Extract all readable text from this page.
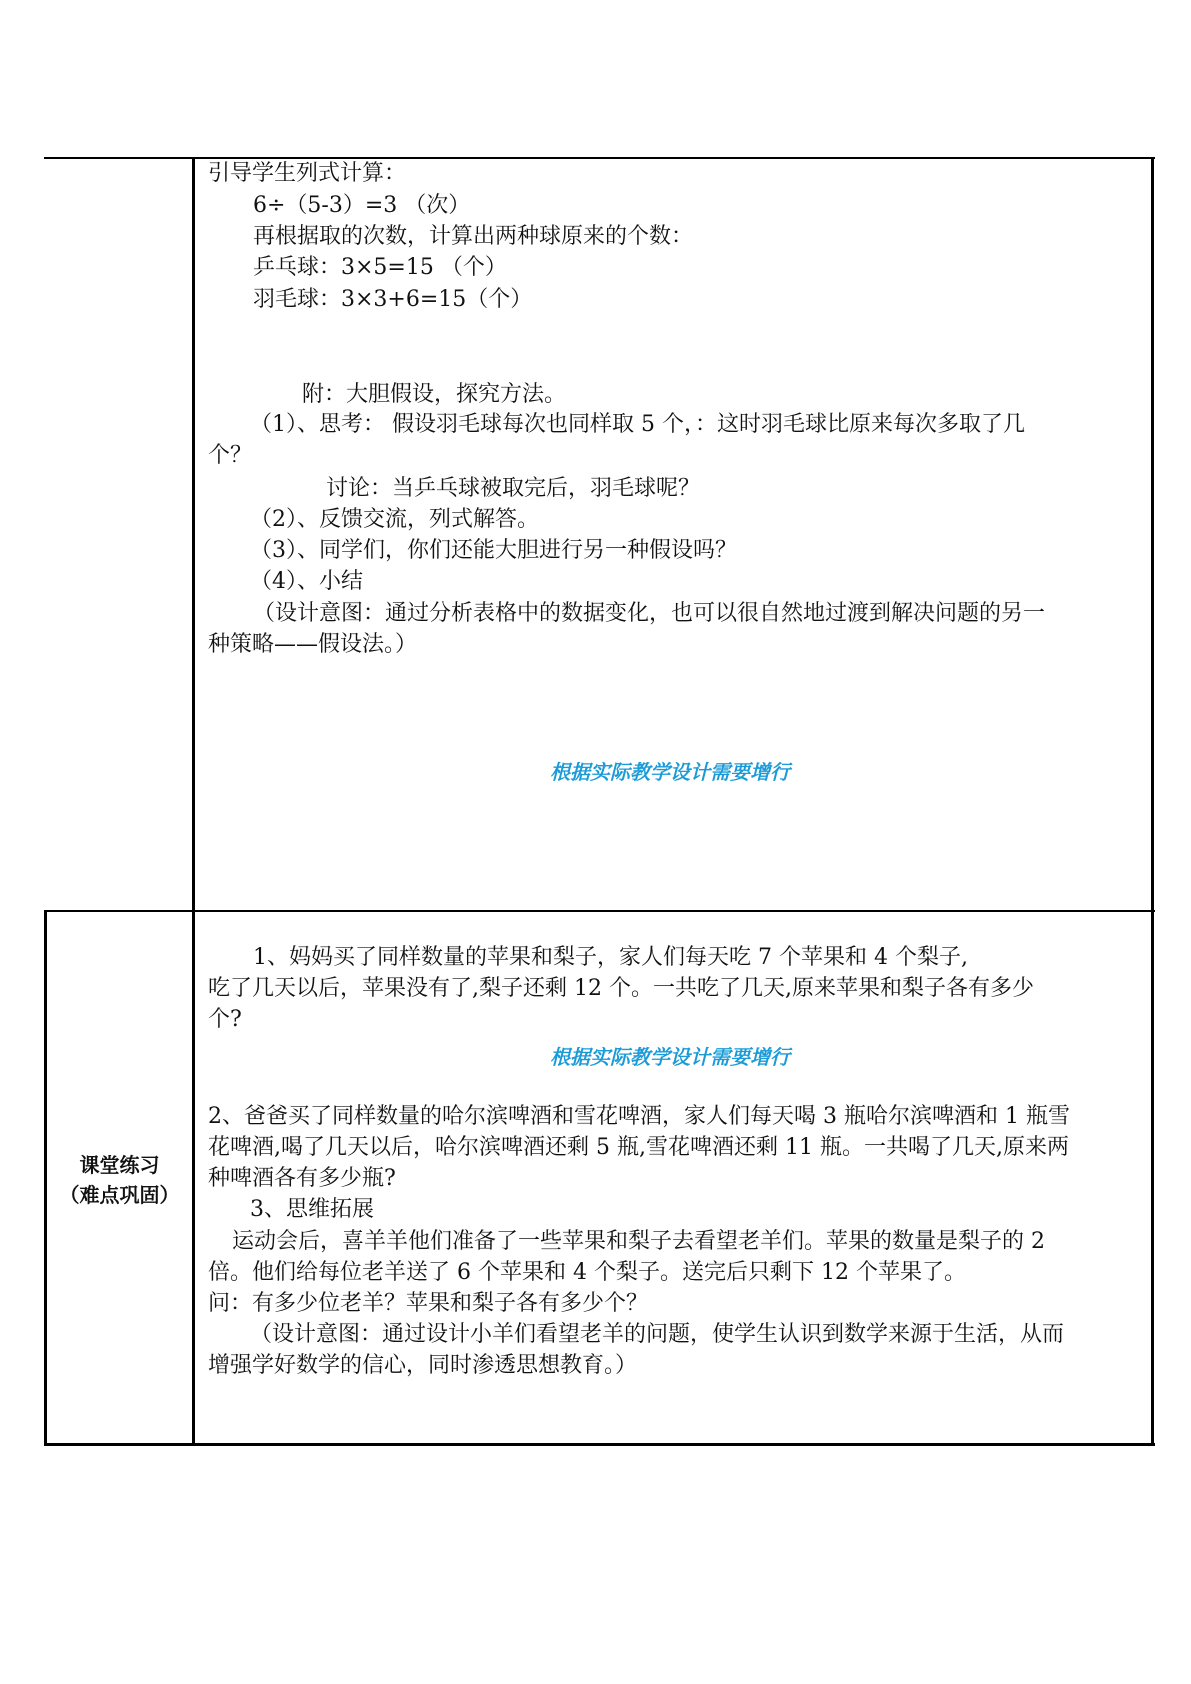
引导学生列式计算：
6÷（5-3）=3 （次）
再根据取的次数，计算出两种球原来的个数：
乒乓球：3×5=15 （个）
羽毛球：3×3+6=15（个）
附：大胆假设，探究方法。
（1）、思考： 假设羽毛球每次也同样取 5 个，：这时羽毛球比原来每次多取了几
个？
讨论：当乒乓球被取完后，羽毛球呢？
（2）、反馈交流，列式解答。
（3）、同学们，你们还能大胆进行另一种假设吗？
（4）、小结
（设计意图：通过分析表格中的数据变化，也可以很自然地过渡到解决问题的另一
种策略——假设法。）
根据实际教学设计需要增行
课堂练习
（难点巩固）
1、妈妈买了同样数量的苹果和梨子，家人们每天吃 7 个苹果和 4 个梨子,
吃了几天以后，苹果没有了,梨子还剩 12 个。一共吃了几天,原来苹果和梨子各有多少
个?
根据实际教学设计需要增行
2、爸爸买了同样数量的哈尔滨啤酒和雪花啤酒，家人们每天喝 3 瓶哈尔滨啤酒和 1 瓶雪
花啤酒,喝了几天以后，哈尔滨啤酒还剩 5 瓶,雪花啤酒还剩 11 瓶。一共喝了几天,原来两
种啤酒各有多少瓶?
3、思维拓展
运动会后，喜羊羊他们准备了一些苹果和梨子去看望老羊们。苹果的数量是梨子的 2
倍。他们给每位老羊送了 6 个苹果和 4 个梨子。送完后只剩下 12 个苹果了。
问：有多少位老羊？苹果和梨子各有多少个？
（设计意图：通过设计小羊们看望老羊的问题，使学生认识到数学来源于生活，从而
增强学好数学的信心，同时渗透思想教育。）
